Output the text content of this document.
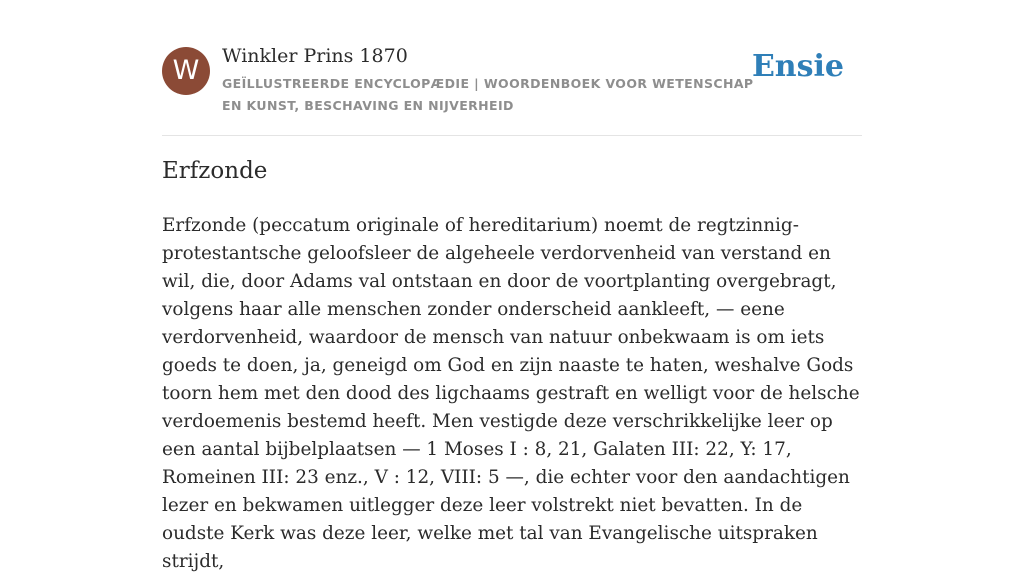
W	Winkler Prins 1870
GEÏLLUSTREERDE ENCYCLOPÆDIE | WOORDENBOEK VOOR WETENSCHAP EN KUNST, BESCHAVING EN NIJVERHEID
Ensie
Erfzonde

Erfzonde (peccatum originale of hereditarium) noemt de regtzinnig-protestantsche geloofsleer de algeheele verdorvenheid van verstand en wil, die, door Adams val ontstaan en door de voortplanting overgebragt, volgens haar alle menschen zonder onderscheid aankleeft, — eene verdorvenheid, waardoor de mensch van natuur onbekwaam is om iets goeds te doen, ja, geneigd om God en zijn naaste te haten, weshalve Gods toorn hem met den dood des ligchaams gestraft en welligt voor de helsche verdoemenis bestemd heeft. Men vestigde deze verschrikkelijke leer op een aantal bijbelplaatsen — 1 Moses I : 8, 21, Galaten III: 22, Y: 17, Romeinen III: 23 enz., V : 12, VIII: 5 —, die echter voor den aandachtigen lezer en bekwamen uitlegger deze leer volstrekt niet bevatten. In de oudste Kerk was deze leer, welke met tal van Evangelische uitspraken strijdt,
